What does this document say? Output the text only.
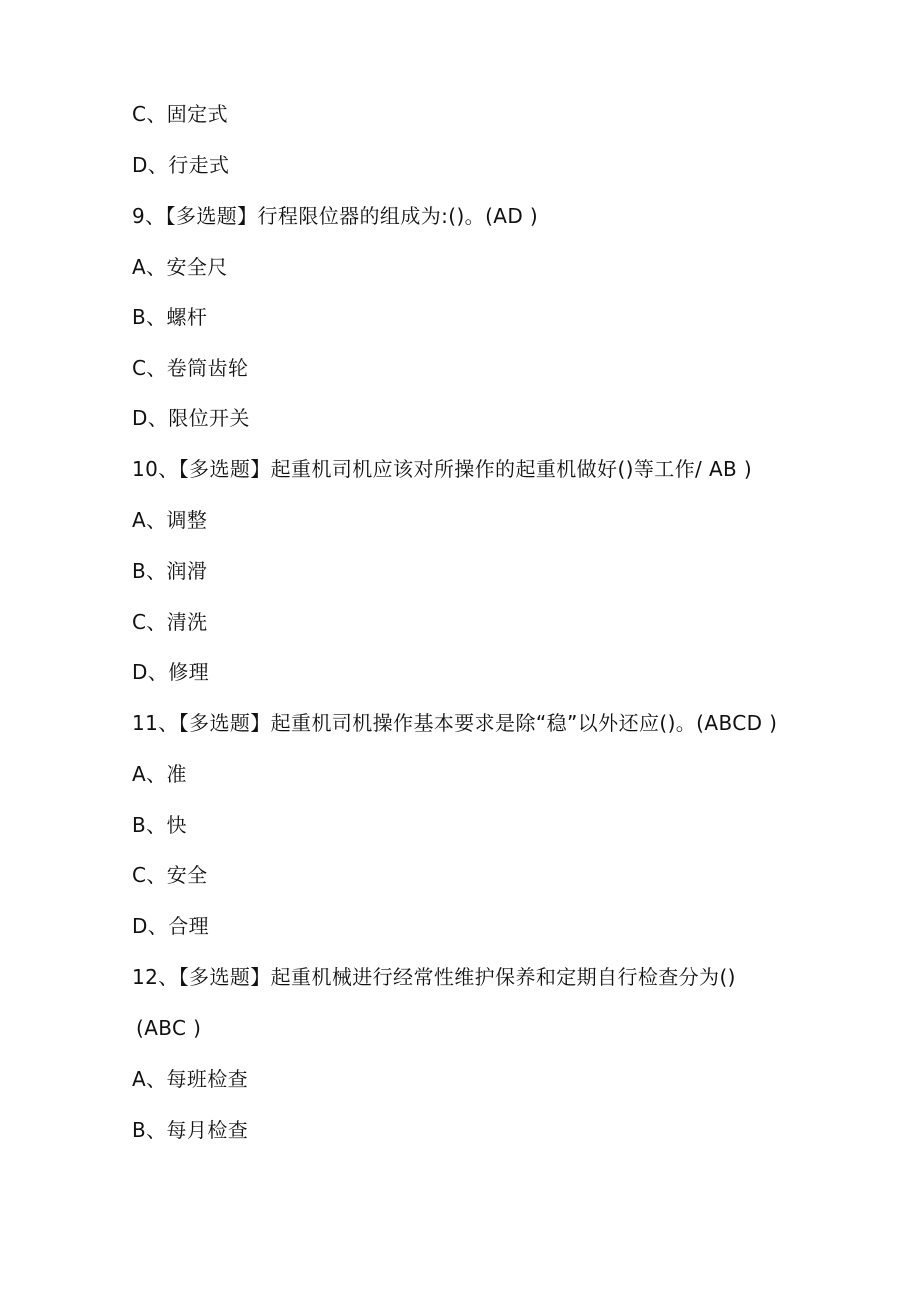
C、固定式
D、行走式
9、【多选题】行程限位器的组成为:()。(AD )
A、安全尺
B、螺杆
C、卷筒齿轮
D、限位开关
10、【多选题】起重机司机应该对所操作的起重机做好()等工作/ AB )
A、调整
B、润滑
C、清洗
D、修理
11、【多选题】起重机司机操作基本要求是除“稳”以外还应()。(ABCD )
A、准
B、快
C、安全
D、合理
12、【多选题】起重机械进行经常性维护保养和定期自行检查分为()
(ABC )
A、每班检查
B、每月检查
